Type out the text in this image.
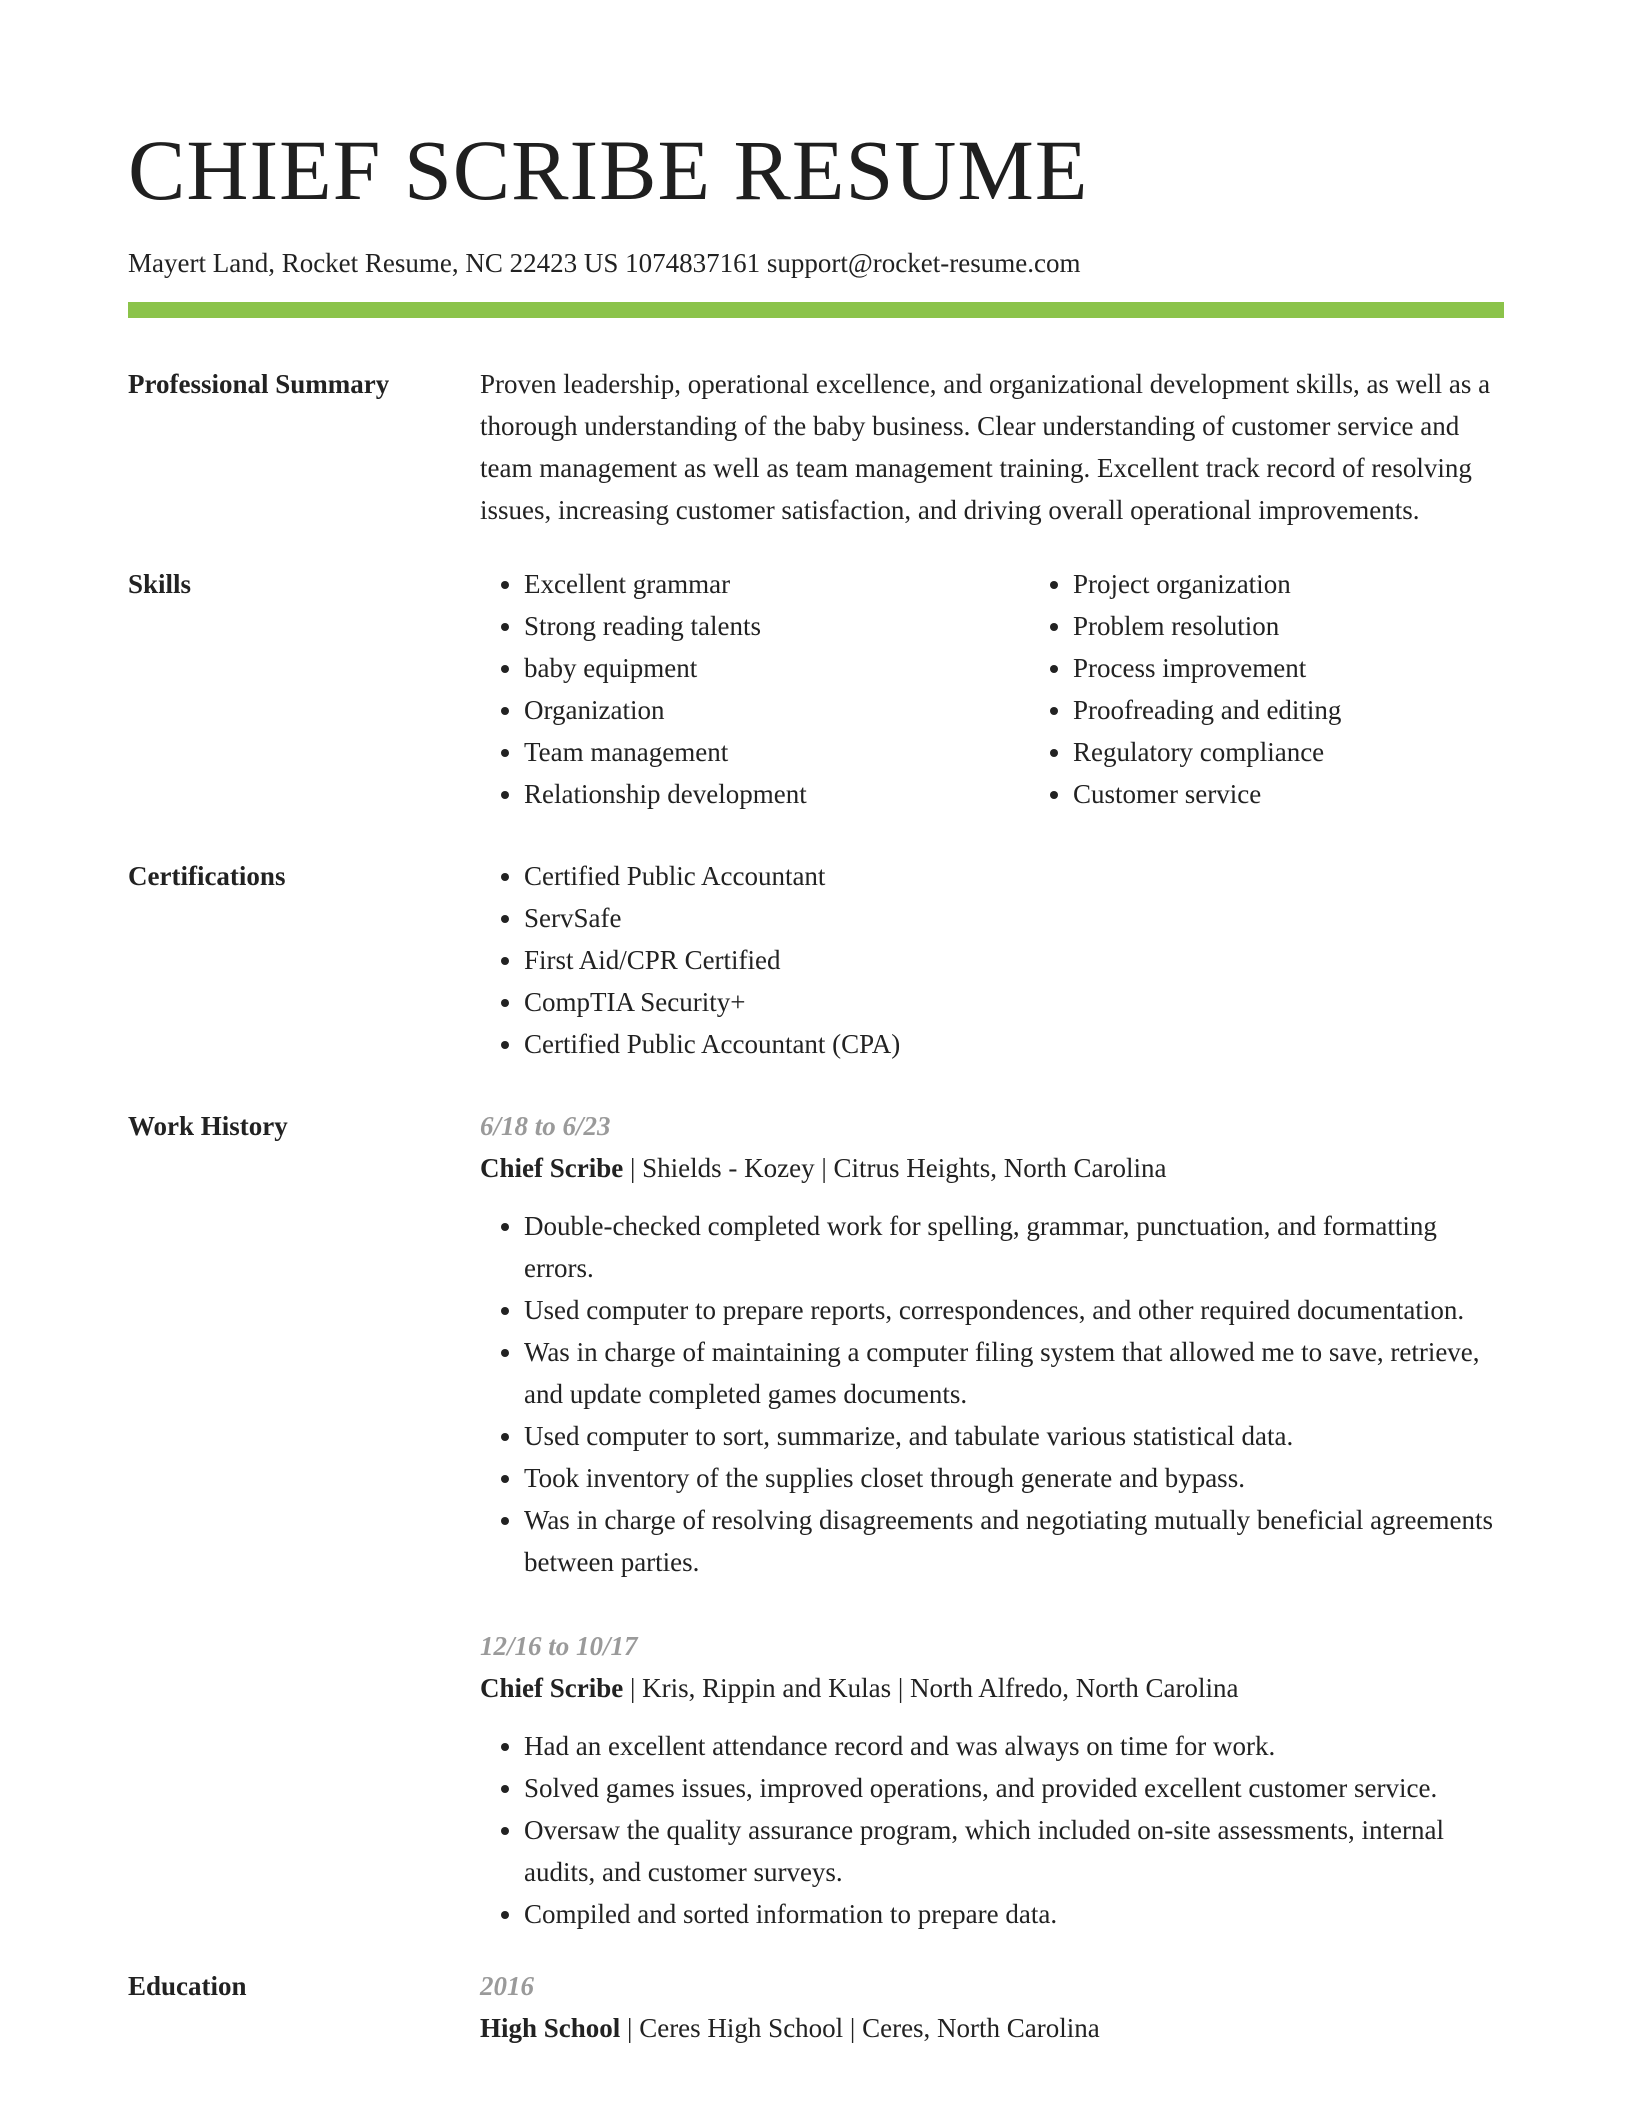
CHIEF SCRIBE RESUME
Mayert Land, Rocket Resume, NC 22423 US 1074837161 support@rocket-resume.com
Professional Summary	Proven leadership, operational excellence, and organizational development skills, as well as a thorough understanding of the baby business. Clear understanding of customer service and team management as well as team management training. Excellent track record of resolving issues, increasing customer satisfaction, and driving overall operational improvements.

Skills	• Excellent grammar
• Strong reading talents
• baby equipment
• Organization
• Team management
• Relationship development
• Project organization
• Problem resolution
• Process improvement
• Proofreading and editing
• Regulatory compliance
• Customer service
Certifications	• Certified Public Accountant
• ServSafe
• First Aid/CPR Certified
• CompTIA Security+
• Certified Public Accountant (CPA)
Work History	6/18 to 6/23
Chief Scribe | Shields - Kozey | Citrus Heights, North Carolina
• Double-checked completed work for spelling, grammar, punctuation, and formatting errors.
• Used computer to prepare reports, correspondences, and other required documentation.
• Was in charge of maintaining a computer filing system that allowed me to save, retrieve, and update completed games documents.
• Used computer to sort, summarize, and tabulate various statistical data.
• Took inventory of the supplies closet through generate and bypass.
• Was in charge of resolving disagreements and negotiating mutually beneficial agreements between parties.
12/16 to 10/17
Chief Scribe | Kris, Rippin and Kulas | North Alfredo, North Carolina
• Had an excellent attendance record and was always on time for work.
• Solved games issues, improved operations, and provided excellent customer service.
• Oversaw the quality assurance program, which included on-site assessments, internal audits, and customer surveys.
• Compiled and sorted information to prepare data.
Education	2016
High School | Ceres High School | Ceres, North Carolina
